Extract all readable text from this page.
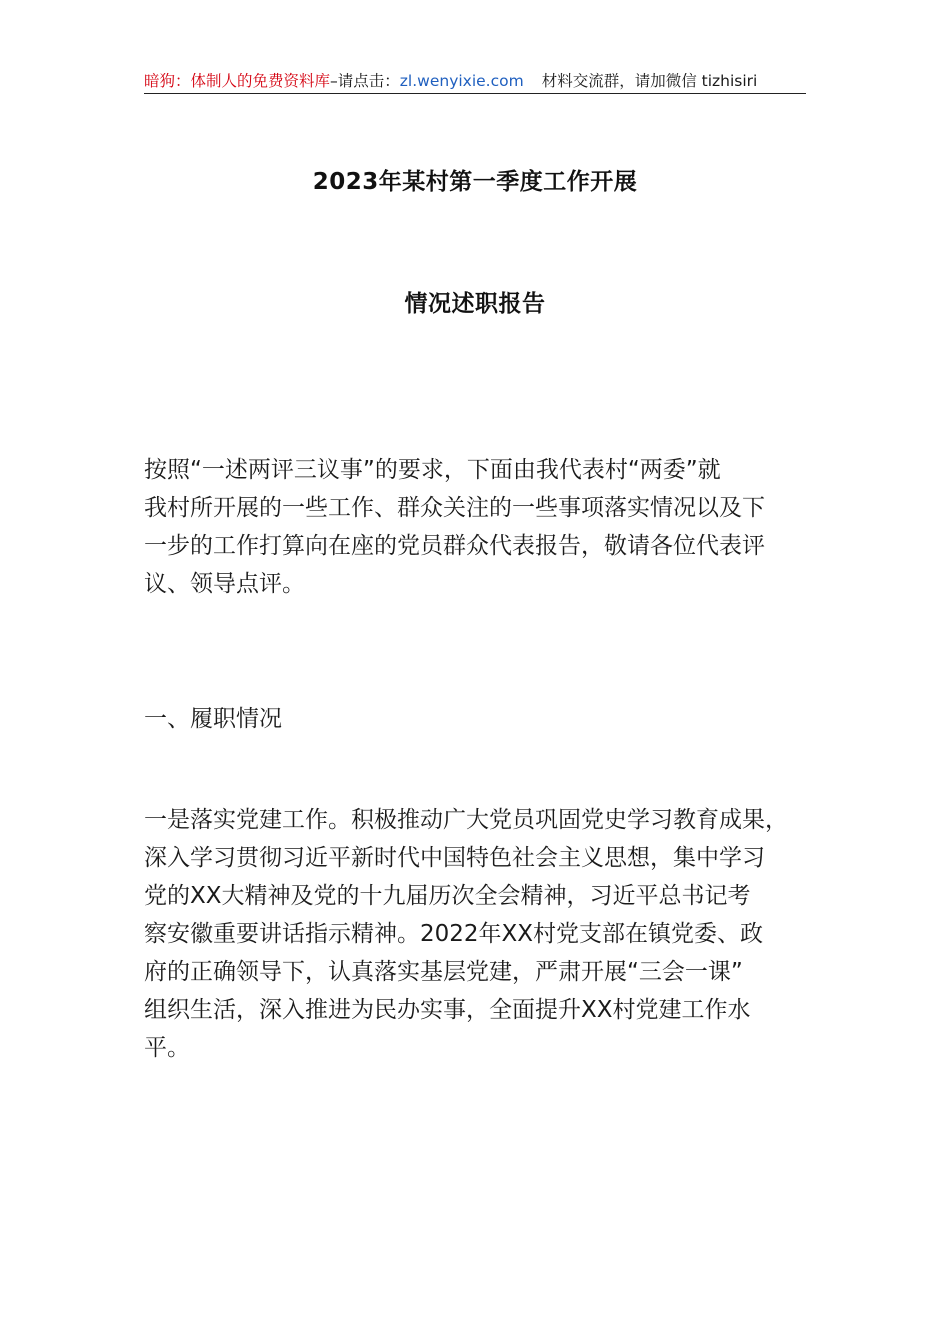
暗狗：体制人的免费资料库–请点击：zl.wenyixie.com 材料交流群，请加微信 tizhisiri
2023年某村第一季度工作开展
情况述职报告
按照“一述两评三议事”的要求，下面由我代表村“两委”就
我村所开展的一些工作、群众关注的一些事项落实情况以及下
一步的工作打算向在座的党员群众代表报告，敬请各位代表评
议、领导点评。
一、履职情况
一是落实党建工作。积极推动广大党员巩固党史学习教育成果，
深入学习贯彻习近平新时代中国特色社会主义思想，集中学习
党的XX大精神及党的十九届历次全会精神，习近平总书记考
察安徽重要讲话指示精神。2022年XX村党支部在镇党委、政
府的正确领导下，认真落实基层党建，严肃开展“三会一课”
组织生活，深入推进为民办实事，全面提升XX村党建工作水
平。
